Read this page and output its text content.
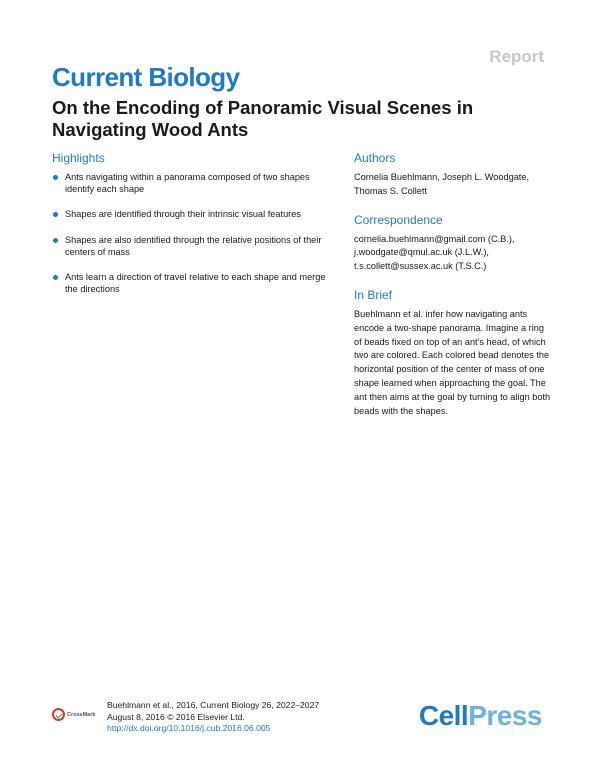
Report
Current Biology
On the Encoding of Panoramic Visual Scenes in Navigating Wood Ants
Highlights
Ants navigating within a panorama composed of two shapes identify each shape
Shapes are identified through their intrinsic visual features
Shapes are also identified through the relative positions of their centers of mass
Ants learn a direction of travel relative to each shape and merge the directions
Authors
Cornelia Buehlmann, Joseph L. Woodgate, Thomas S. Collett
Correspondence
cornelia.buehlmann@gmail.com (C.B.),
j.woodgate@qmul.ac.uk (J.L.W.),
t.s.collett@sussex.ac.uk (T.S.C.)
In Brief
Buehlmann et al. infer how navigating ants encode a two-shape panorama. Imagine a ring of beads fixed on top of an ant's head, of which two are colored. Each colored bead denotes the horizontal position of the center of mass of one shape learned when approaching the goal. The ant then aims at the goal by turning to align both beads with the shapes.
CrossMark
Buehlmann et al., 2016, Current Biology 26, 2022–2027
August 8, 2016 © 2016 Elsevier Ltd.
http://dx.doi.org/10.1016/j.cub.2016.06.005	CellPress
